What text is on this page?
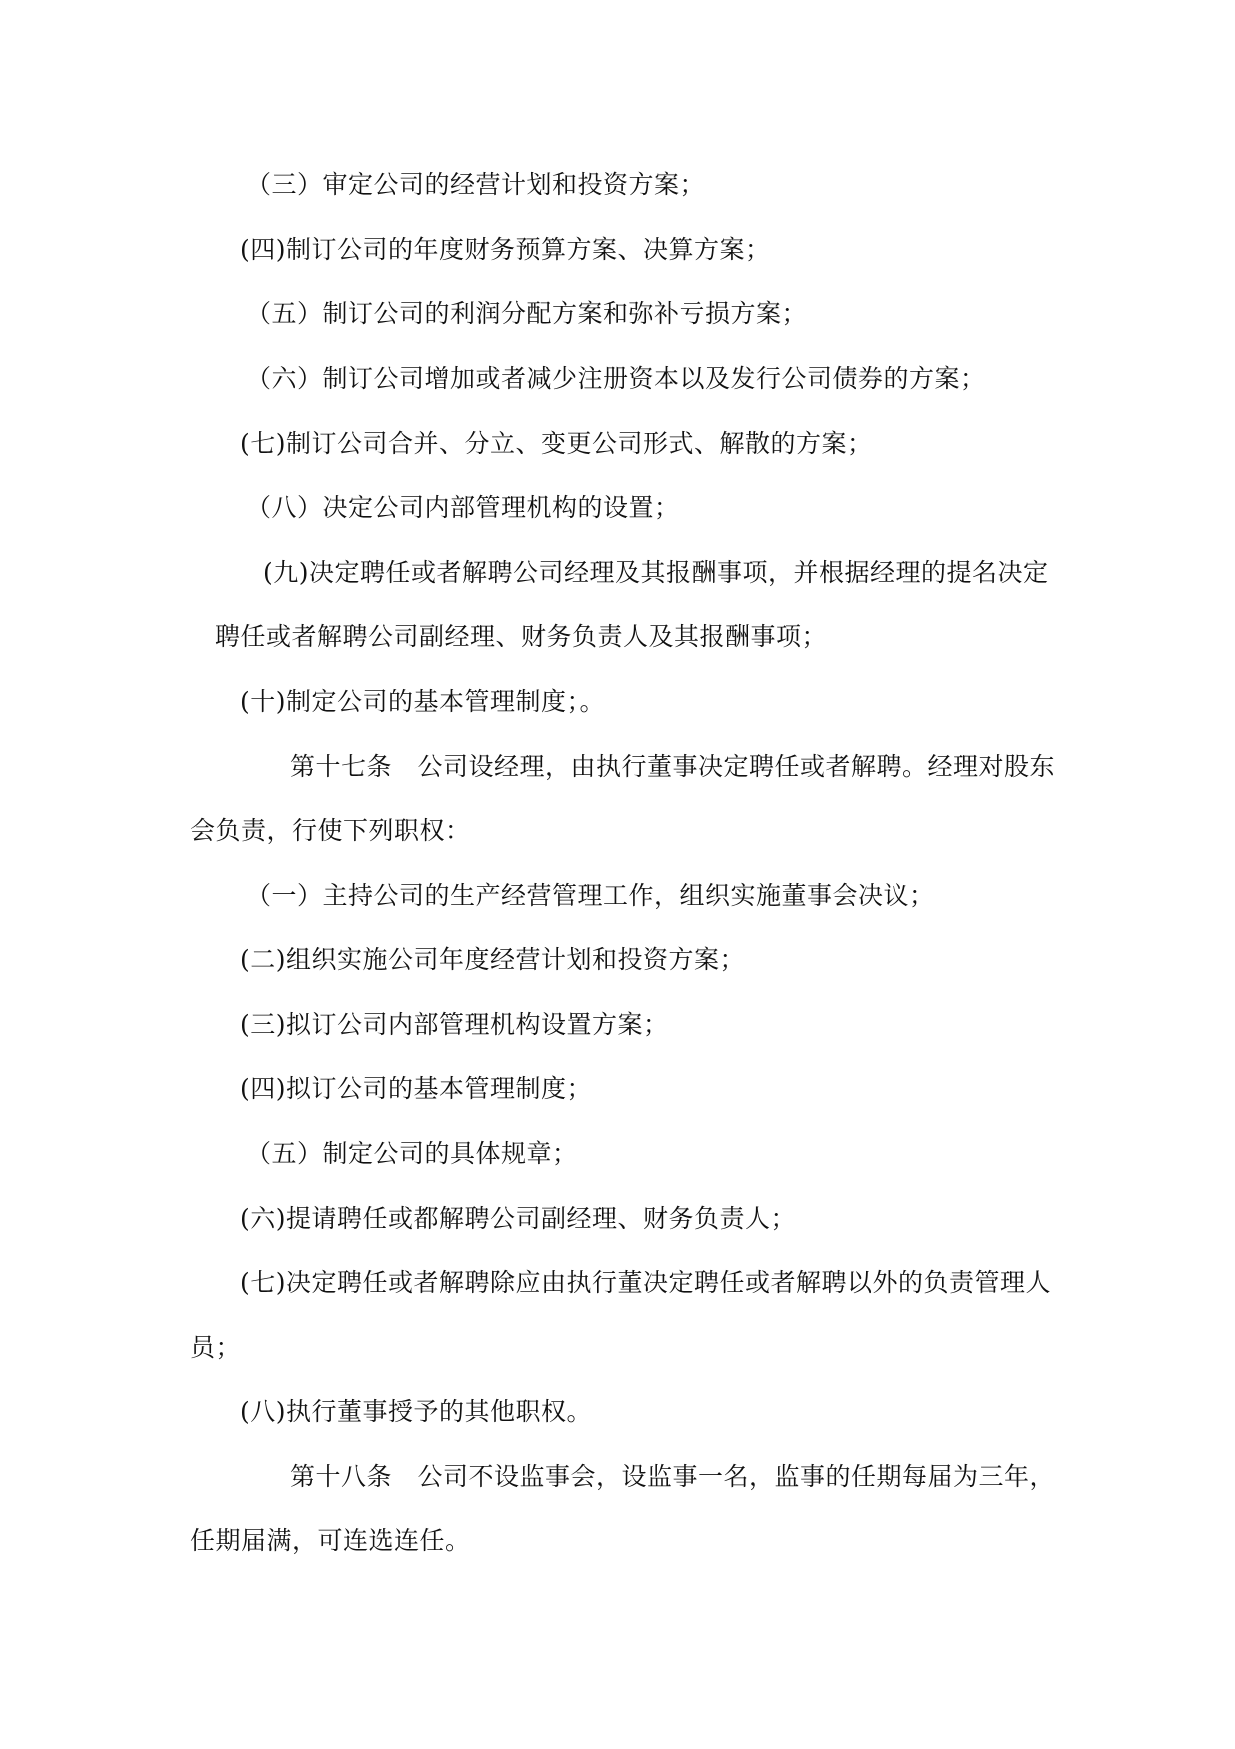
（三）审定公司的经营计划和投资方案；
(四)制订公司的年度财务预算方案、决算方案；
（五）制订公司的利润分配方案和弥补亏损方案；
（六）制订公司增加或者减少注册资本以及发行公司债券的方案；
(七)制订公司合并、分立、变更公司形式、解散的方案；
（八）决定公司内部管理机构的设置；
(九)决定聘任或者解聘公司经理及其报酬事项，并根据经理的提名决定
聘任或者解聘公司副经理、财务负责人及其报酬事项；
(十)制定公司的基本管理制度；。
第十七条　公司设经理，由执行董事决定聘任或者解聘。经理对股东
会负责，行使下列职权：
（一）主持公司的生产经营管理工作，组织实施董事会决议；
(二)组织实施公司年度经营计划和投资方案；
(三)拟订公司内部管理机构设置方案；
(四)拟订公司的基本管理制度；
（五）制定公司的具体规章；
(六)提请聘任或都解聘公司副经理、财务负责人；
(七)决定聘任或者解聘除应由执行董决定聘任或者解聘以外的负责管理人
员；
(八)执行董事授予的其他职权。
第十八条　公司不设监事会，设监事一名，监事的任期每届为三年，
任期届满，可连选连任。
